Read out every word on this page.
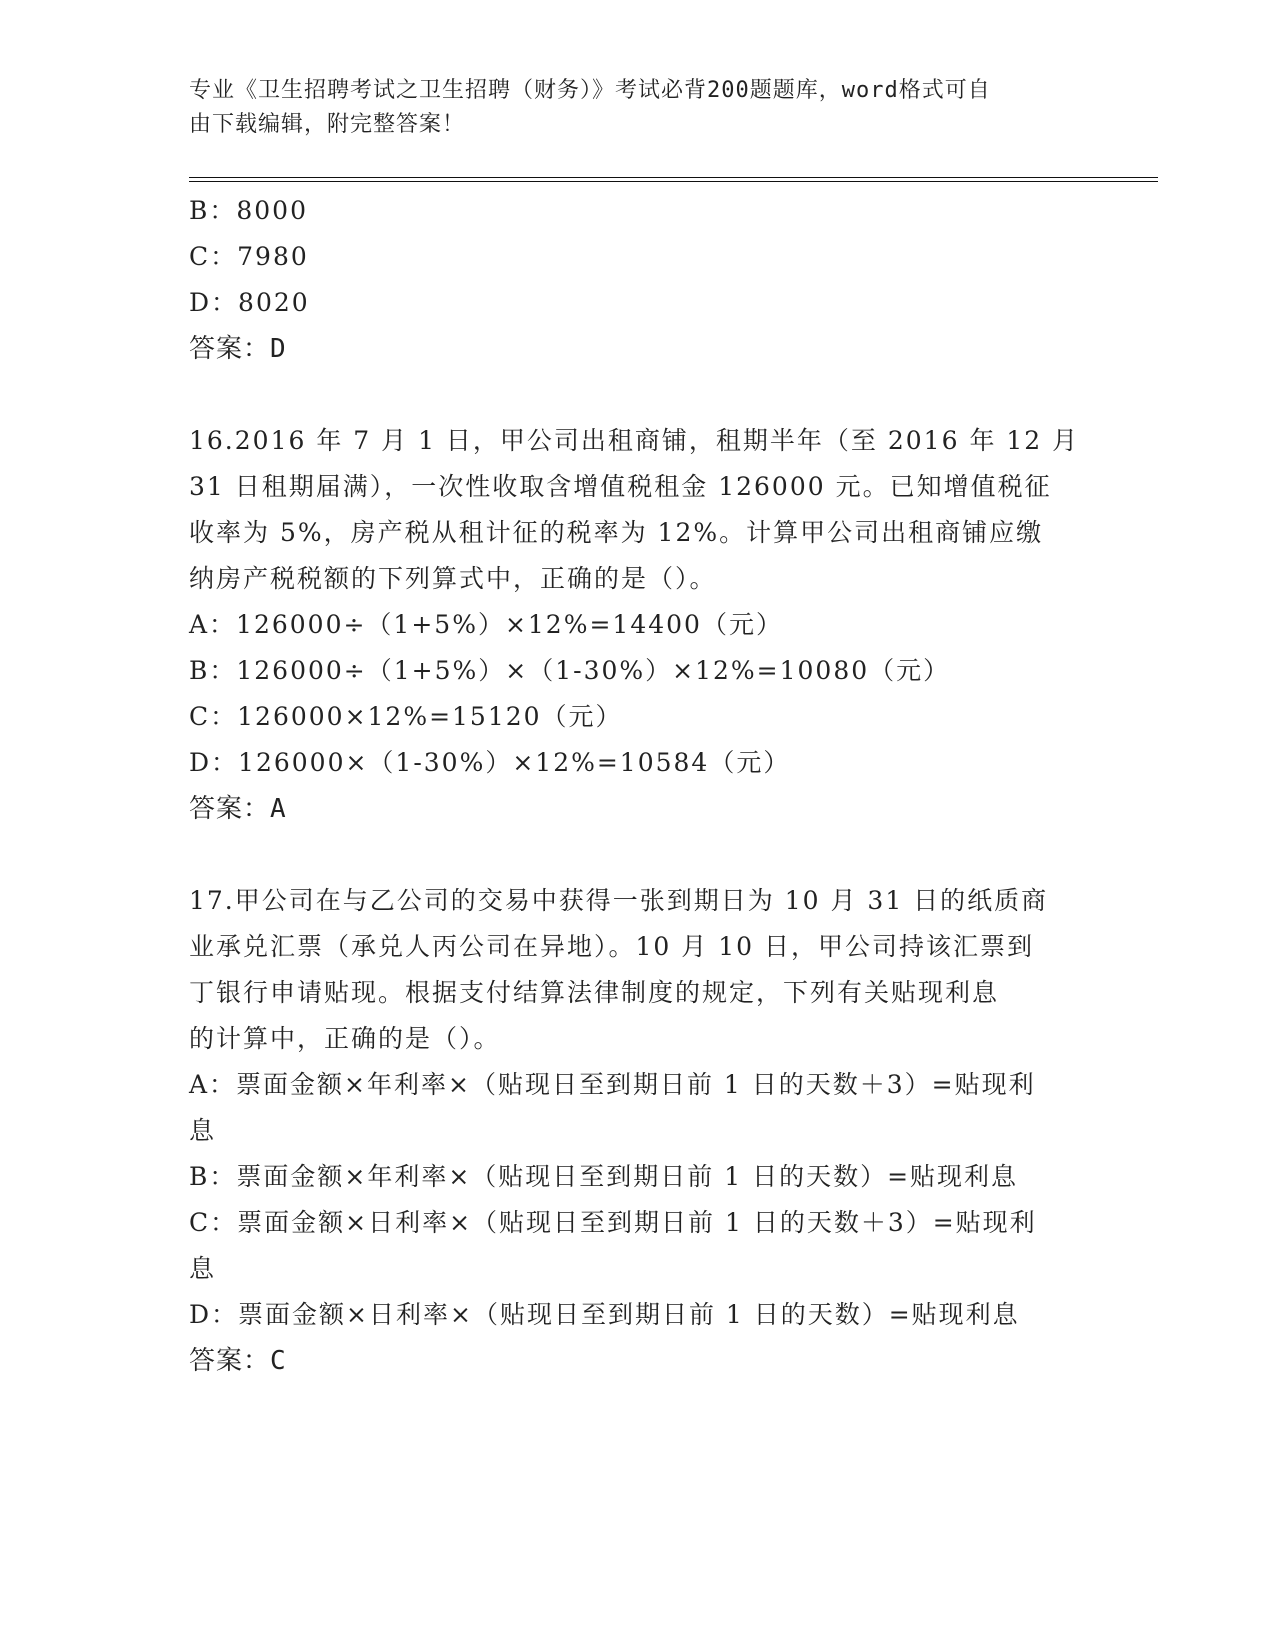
专业《卫生招聘考试之卫生招聘（财务）》考试必背200题题库，word格式可自
由下载编辑，附完整答案！
B：8000
C：7980
D：8020
答案：D
16.2016 年 7 月 1 日，甲公司出租商铺，租期半年（至 2016 年 12 月
31 日租期届满），一次性收取含增值税租金 126000 元。已知增值税征
收率为 5%，房产税从租计征的税率为 12%。计算甲公司出租商铺应缴
纳房产税税额的下列算式中，正确的是（）。
A：126000÷（1+5%）×12%=14400（元）
B：126000÷（1+5%）×（1-30%）×12%=10080（元）
C：126000×12%=15120（元）
D：126000×（1-30%）×12%=10584（元）
答案：A
17.甲公司在与乙公司的交易中获得一张到期日为 10 月 31 日的纸质商
业承兑汇票（承兑人丙公司在异地）。10 月 10 日，甲公司持该汇票到
丁银行申请贴现。根据支付结算法律制度的规定，下列有关贴现利息
的计算中，正确的是（）。
A：票面金额×年利率×（贴现日至到期日前 1 日的天数＋3）=贴现利
息
B：票面金额×年利率×（贴现日至到期日前 1 日的天数）=贴现利息
C：票面金额×日利率×（贴现日至到期日前 1 日的天数＋3）=贴现利
息
D：票面金额×日利率×（贴现日至到期日前 1 日的天数）=贴现利息
答案：C
